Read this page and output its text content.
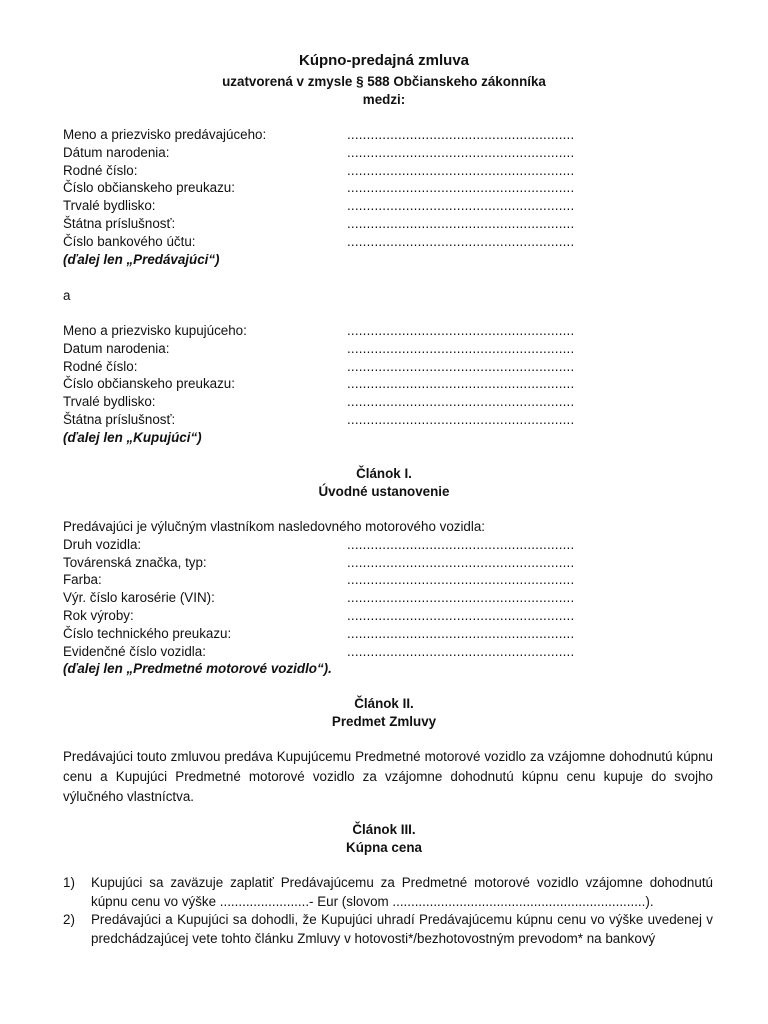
Kúpno-predajná zmluva
uzatvorená v zmysle § 588 Občianskeho zákonníka
medzi:
Meno a priezvisko predávajúceho:	..........................................................
Dátum narodenia:	..........................................................
Rodné číslo:	..........................................................
Číslo občianskeho preukazu:	..........................................................
Trvalé bydlisko:	..........................................................
Štátna príslušnosť:	..........................................................
Číslo bankového účtu:	..........................................................
(ďalej len „Predávajúci“)
a
Meno a priezvisko kupujúceho:	..........................................................
Datum narodenia:	..........................................................
Rodné číslo:	..........................................................
Číslo občianskeho preukazu:	..........................................................
Trvalé bydlisko:	..........................................................
Štátna príslušnosť:	..........................................................
(ďalej len „Kupujúci“)
Článok I.
Úvodné ustanovenie
Predávajúci je výlučným vlastníkom nasledovného motorového vozidla:
Druh vozidla:	..........................................................
Továrenská značka, typ:	..........................................................
Farba:	..........................................................
Výr. číslo karosérie (VIN):	..........................................................
Rok výroby:	..........................................................
Číslo technického preukazu:	..........................................................
Evidenčné číslo vozidla:	..........................................................
(ďalej len „Predmetné motorové vozidlo“).
Článok II.
Predmet Zmluvy
Predávajúci touto zmluvou predáva Kupujúcemu Predmetné motorové vozidlo za vzájomne dohodnutú kúpnu cenu a Kupujúci Predmetné motorové vozidlo za vzájomne dohodnutú kúpnu cenu kupuje do svojho výlučného vlastníctva.
Článok III.
Kúpna cena
1) Kupujúci sa zaväzuje zaplatiť Predávajúcemu za Predmetné motorové vozidlo vzájomne dohodnutú kúpnu cenu vo výške ........................- Eur (slovom ....................................................................).
2) Predávajúci a Kupujúci sa dohodli, že Kupujúci uhradí Predávajúcemu kúpnu cenu vo výške uvedenej v predchádzajúcej vete tohto článku Zmluvy v hotovosti*/bezhotovostným prevodom* na bankový
